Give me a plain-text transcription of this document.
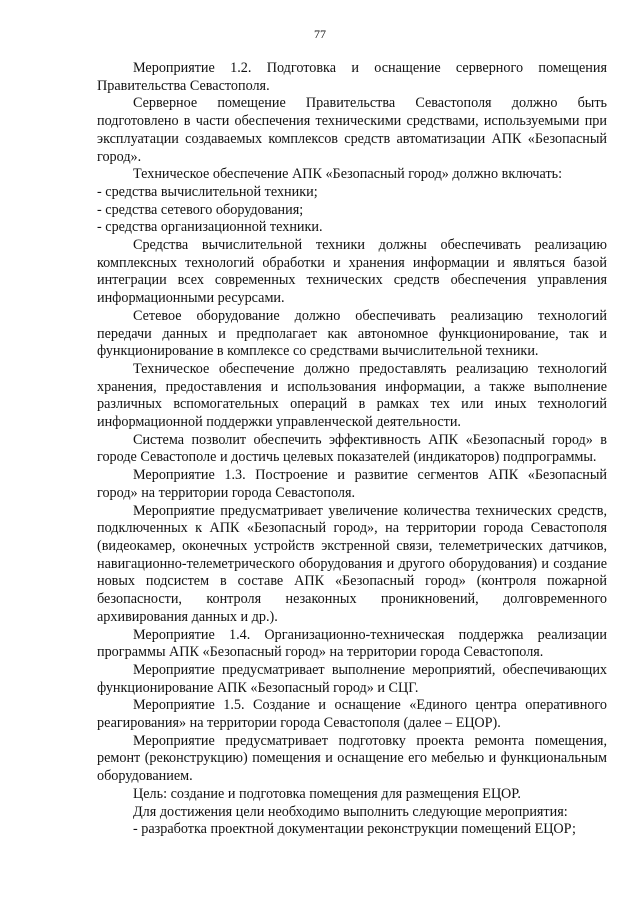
77

Мероприятие 1.2. Подготовка и оснащение серверного помещения Правительства Севастополя.

Серверное помещение Правительства Севастополя должно быть подготовлено в части обеспечения техническими средствами, используемыми при эксплуатации создаваемых комплексов средств автоматизации АПК «Безопасный город».

Техническое обеспечение АПК «Безопасный город» должно включать:

- средства вычислительной техники;

- средства сетевого оборудования;

- средства организационной техники.

Средства вычислительной техники должны обеспечивать реализацию комплексных технологий обработки и хранения информации и являться базой интеграции всех современных технических средств обеспечения управления информационными ресурсами.

Сетевое оборудование должно обеспечивать реализацию технологий передачи данных и предполагает как автономное функционирование, так и функционирование в комплексе со средствами вычислительной техники.

Техническое обеспечение должно предоставлять реализацию технологий хранения, предоставления и использования информации, а также выполнение различных вспомогательных операций в рамках тех или иных технологий информационной поддержки управленческой деятельности.

Система позволит обеспечить эффективность АПК «Безопасный город» в городе Севастополе и достичь целевых показателей (индикаторов) подпрограммы.

Мероприятие 1.3. Построение и развитие сегментов АПК «Безопасный город» на территории города Севастополя.

Мероприятие предусматривает увеличение количества технических средств, подключенных к АПК «Безопасный город», на территории города Севастополя (видеокамер, оконечных устройств экстренной связи, телеметрических датчиков, навигационно-телеметрического оборудования и другого оборудования) и создание новых подсистем в составе АПК «Безопасный город» (контроля пожарной безопасности, контроля незаконных проникновений, долговременного архивирования данных и др.).

Мероприятие 1.4. Организационно-техническая поддержка реализации программы АПК «Безопасный город» на территории города Севастополя.

Мероприятие предусматривает выполнение мероприятий, обеспечивающих функционирование АПК «Безопасный город» и СЦГ.

Мероприятие 1.5. Создание и оснащение «Единого центра оперативного реагирования» на территории города Севастополя (далее – ЕЦОР).

Мероприятие предусматривает подготовку проекта ремонта помещения, ремонт (реконструкцию) помещения и оснащение его мебелью и функциональным оборудованием.

Цель: создание и подготовка помещения для размещения ЕЦОР.

Для достижения цели необходимо выполнить следующие мероприятия:

- разработка проектной документации реконструкции помещений ЕЦОР;
